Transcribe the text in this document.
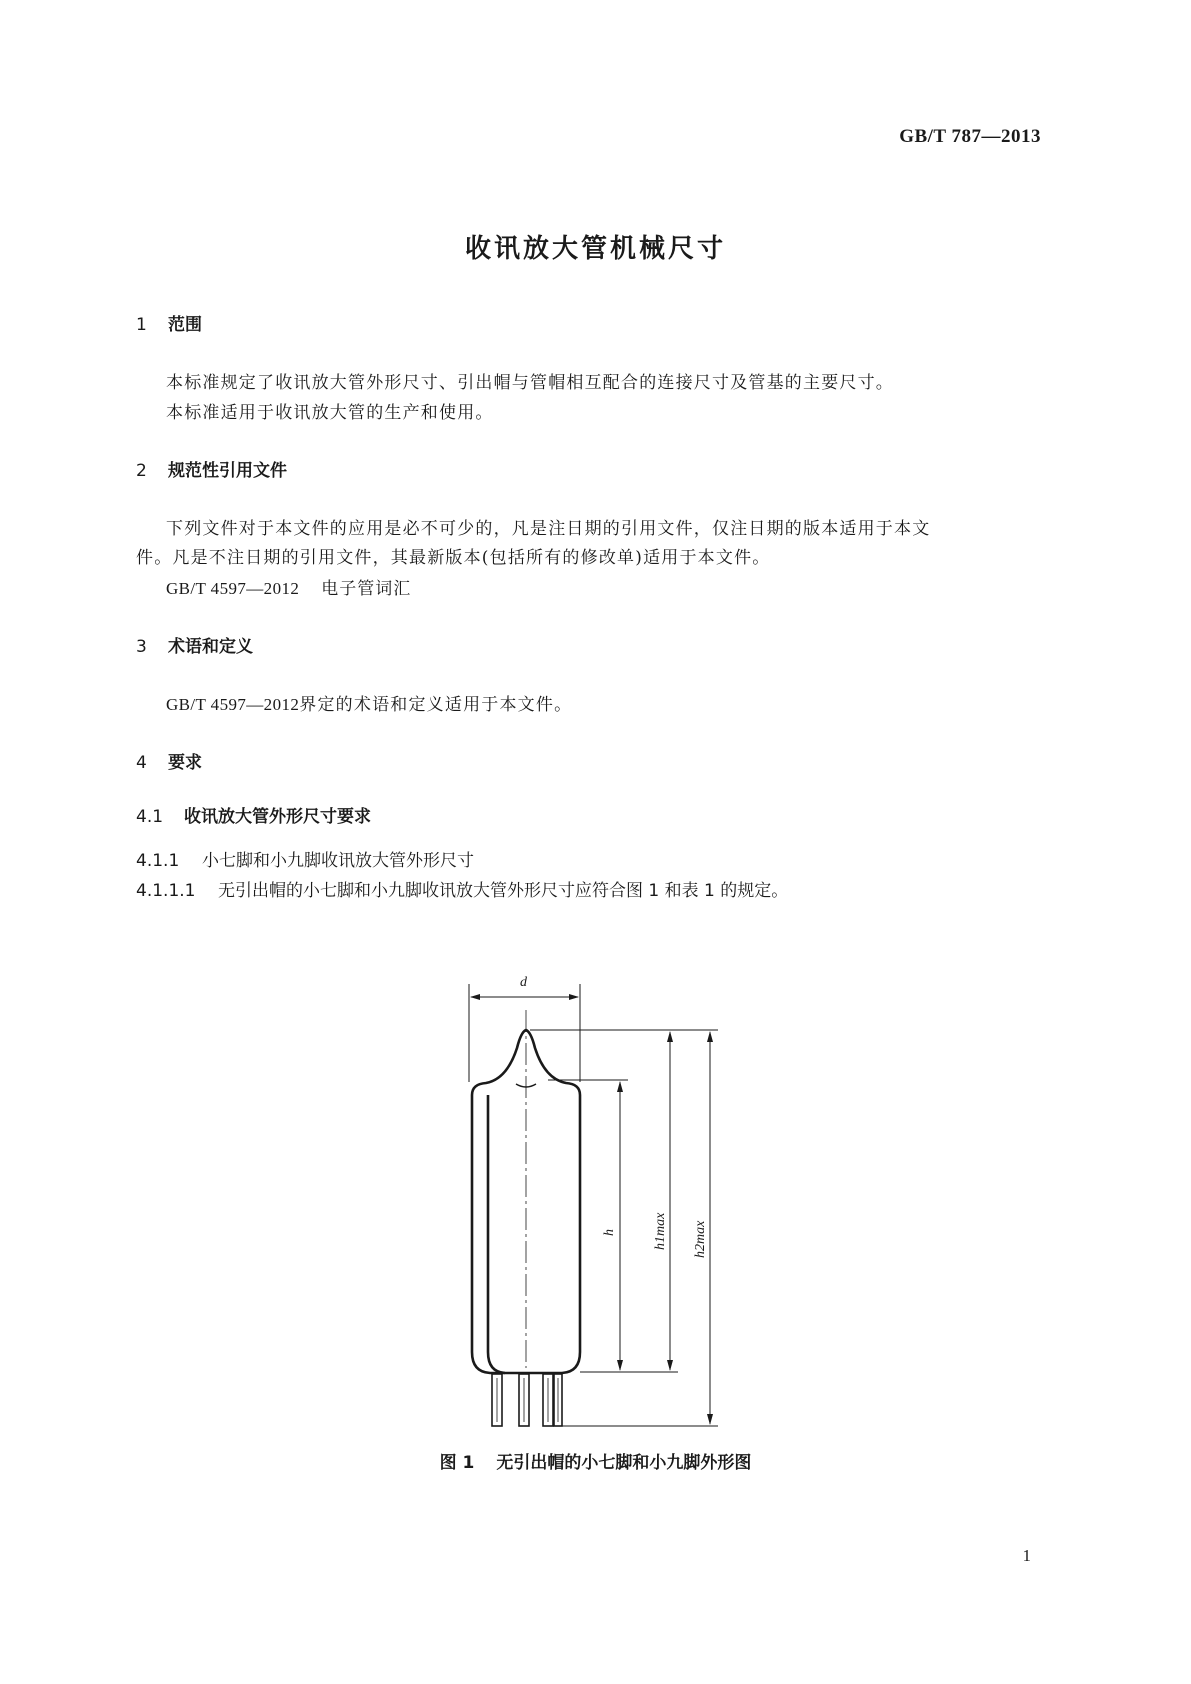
GB/T 787—2013
收讯放大管机械尺寸
1 范围
本标准规定了收讯放大管外形尺寸、引出帽与管帽相互配合的连接尺寸及管基的主要尺寸。
本标准适用于收讯放大管的生产和使用。
2 规范性引用文件
下列文件对于本文件的应用是必不可少的，凡是注日期的引用文件，仅注日期的版本适用于本文
件。凡是不注日期的引用文件，其最新版本(包括所有的修改单)适用于本文件。
GB/T 4597—2012 电子管词汇
3 术语和定义
GB/T 4597—2012界定的术语和定义适用于本文件。
4 要求
4.1 收讯放大管外形尺寸要求
4.1.1 小七脚和小九脚收讯放大管外形尺寸
4.1.1.1 无引出帽的小七脚和小九脚收讯放大管外形尺寸应符合图 1 和表 1 的规定。
d
h	h1max h2max
图 1 无引出帽的小七脚和小九脚外形图
1
